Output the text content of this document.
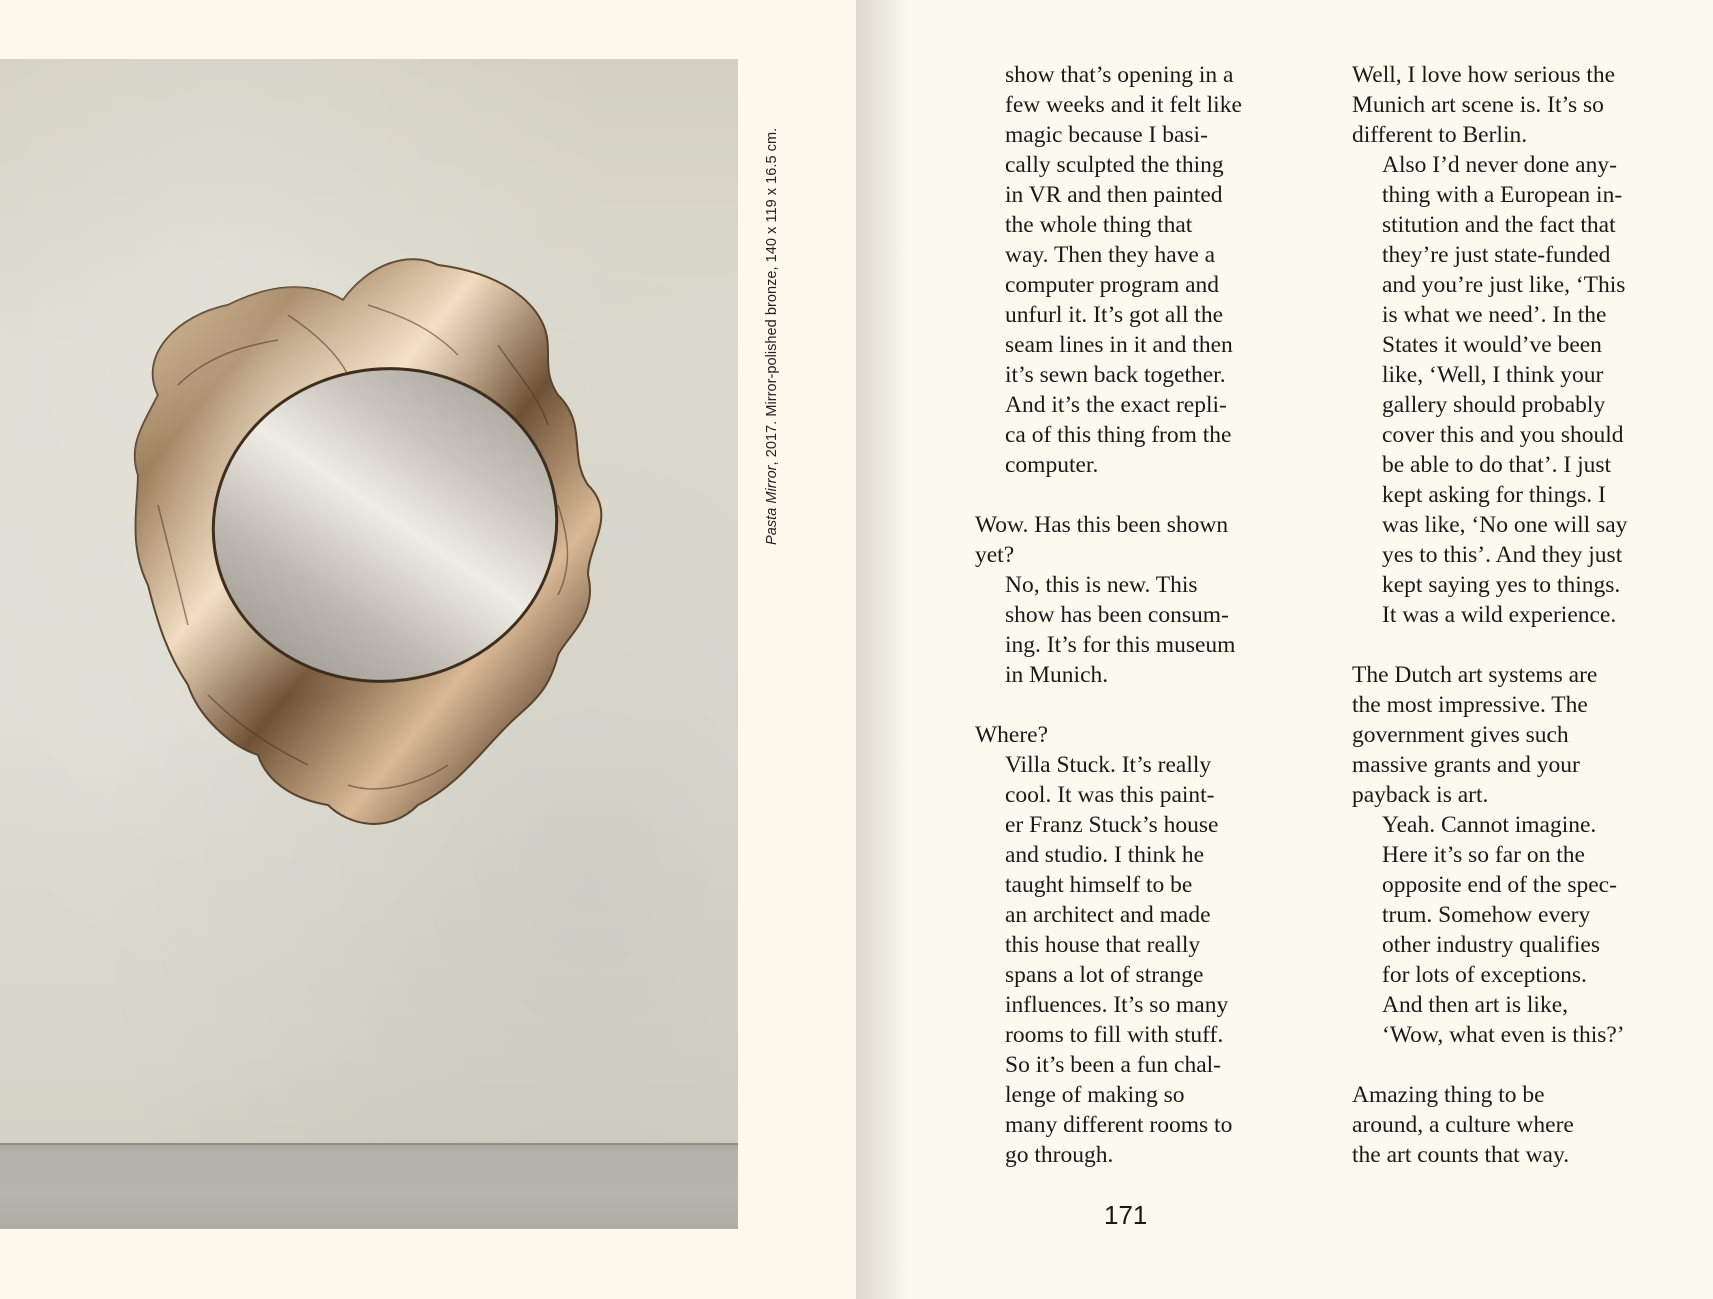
Pasta Mirror, 2017. Mirror-polished bronze, 140 x 119 x 16.5 cm.

show that’s opening in a
few weeks and it felt like
magic because I basi-
cally sculpted the thing
in VR and then painted
the whole thing that
way. Then they have a
computer program and
unfurl it. It’s got all the
seam lines in it and then
it’s sewn back together.
And it’s the exact repli-
ca of this thing from the
computer.

Wow. Has this been shown
yet?

No, this is new. This
show has been consum-
ing. It’s for this museum
in Munich.

Where?

Villa Stuck. It’s really
cool. It was this paint-
er Franz Stuck’s house
and studio. I think he
taught himself to be
an architect and made
this house that really
spans a lot of strange
influences. It’s so many
rooms to fill with stuff.
So it’s been a fun chal-
lenge of making so
many different rooms to
go through.

Well, I love how serious the
Munich art scene is. It’s so
different to Berlin.

Also I’d never done any-
thing with a European in-
stitution and the fact that
they’re just state-funded
and you’re just like, ‘This
is what we need’. In the
States it would’ve been
like, ‘Well, I think your
gallery should probably
cover this and you should
be able to do that’. I just
kept asking for things. I
was like, ‘No one will say
yes to this’. And they just
kept saying yes to things.
It was a wild experience.

The Dutch art systems are
the most impressive. The
government gives such
massive grants and your
payback is art.

Yeah. Cannot imagine.
Here it’s so far on the
opposite end of the spec-
trum. Somehow every
other industry qualifies
for lots of exceptions.
And then art is like,
‘Wow, what even is this?’

Amazing thing to be
around, a culture where
the art counts that way.

171
